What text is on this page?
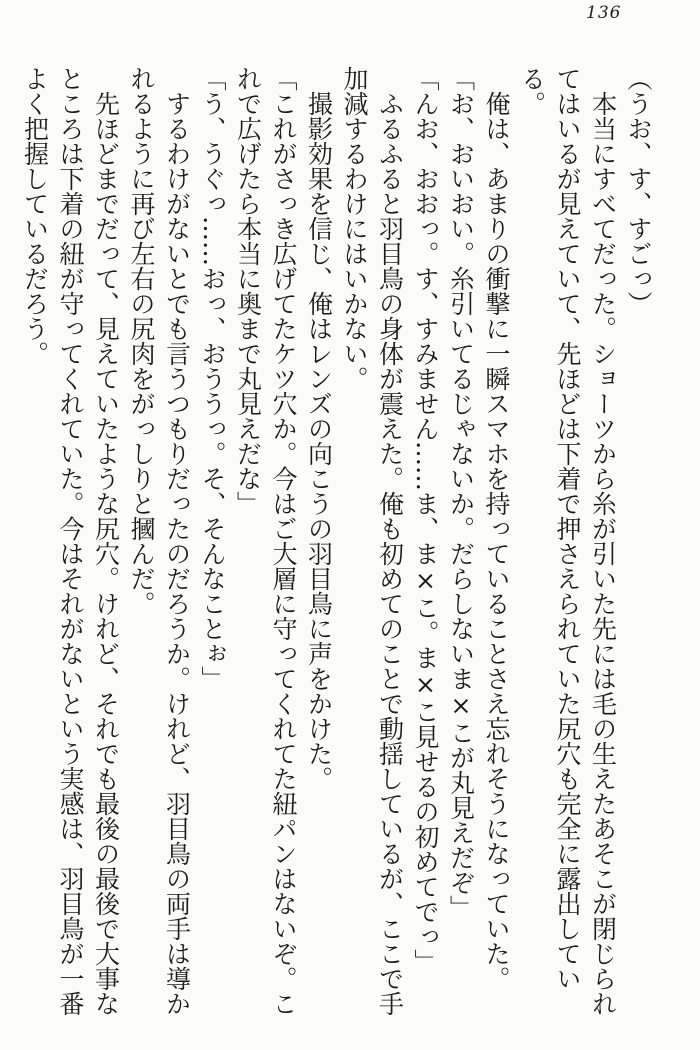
136

（うお、す、すごっ）

本当にすべてだった。ショーツから糸が引いた先には毛の生えたあそこが閉じられてはいるが見えていて、先ほどは下着で押さえられていた尻穴も完全に露出している。

俺は、あまりの衝撃に一瞬スマホを持っていることさえ忘れそうになっていた。

「お、おいおい。糸引いてるじゃないか。だらしないま×こが丸見えだぞ」

「んお、おおっ。す、すみません……ま、ま×こ。ま×こ見せるの初めてでっ」

ふるふると羽目鳥の身体が震えた。俺も初めてのことで動揺しているが、ここで手加減するわけにはいかない。

撮影効果を信じ、俺はレンズの向こうの羽目鳥に声をかけた。

「これがさっき広げてたケツ穴か。今はご大層に守ってくれてた紐パンはないぞ。これで広げたら本当に奥まで丸見えだな」

「う、うぐっ……おっ、おううっ。そ、そんなことぉ」

するわけがないとでも言うつもりだったのだろうか。けれど、羽目鳥の両手は導かれるように再び左右の尻肉をがっしりと摑んだ。

先ほどまでだって、見えていたような尻穴。けれど、それでも最後の最後で大事なところは下着の紐が守ってくれていた。今はそれがないという実感は、羽目鳥が一番よく把握しているだろう。
